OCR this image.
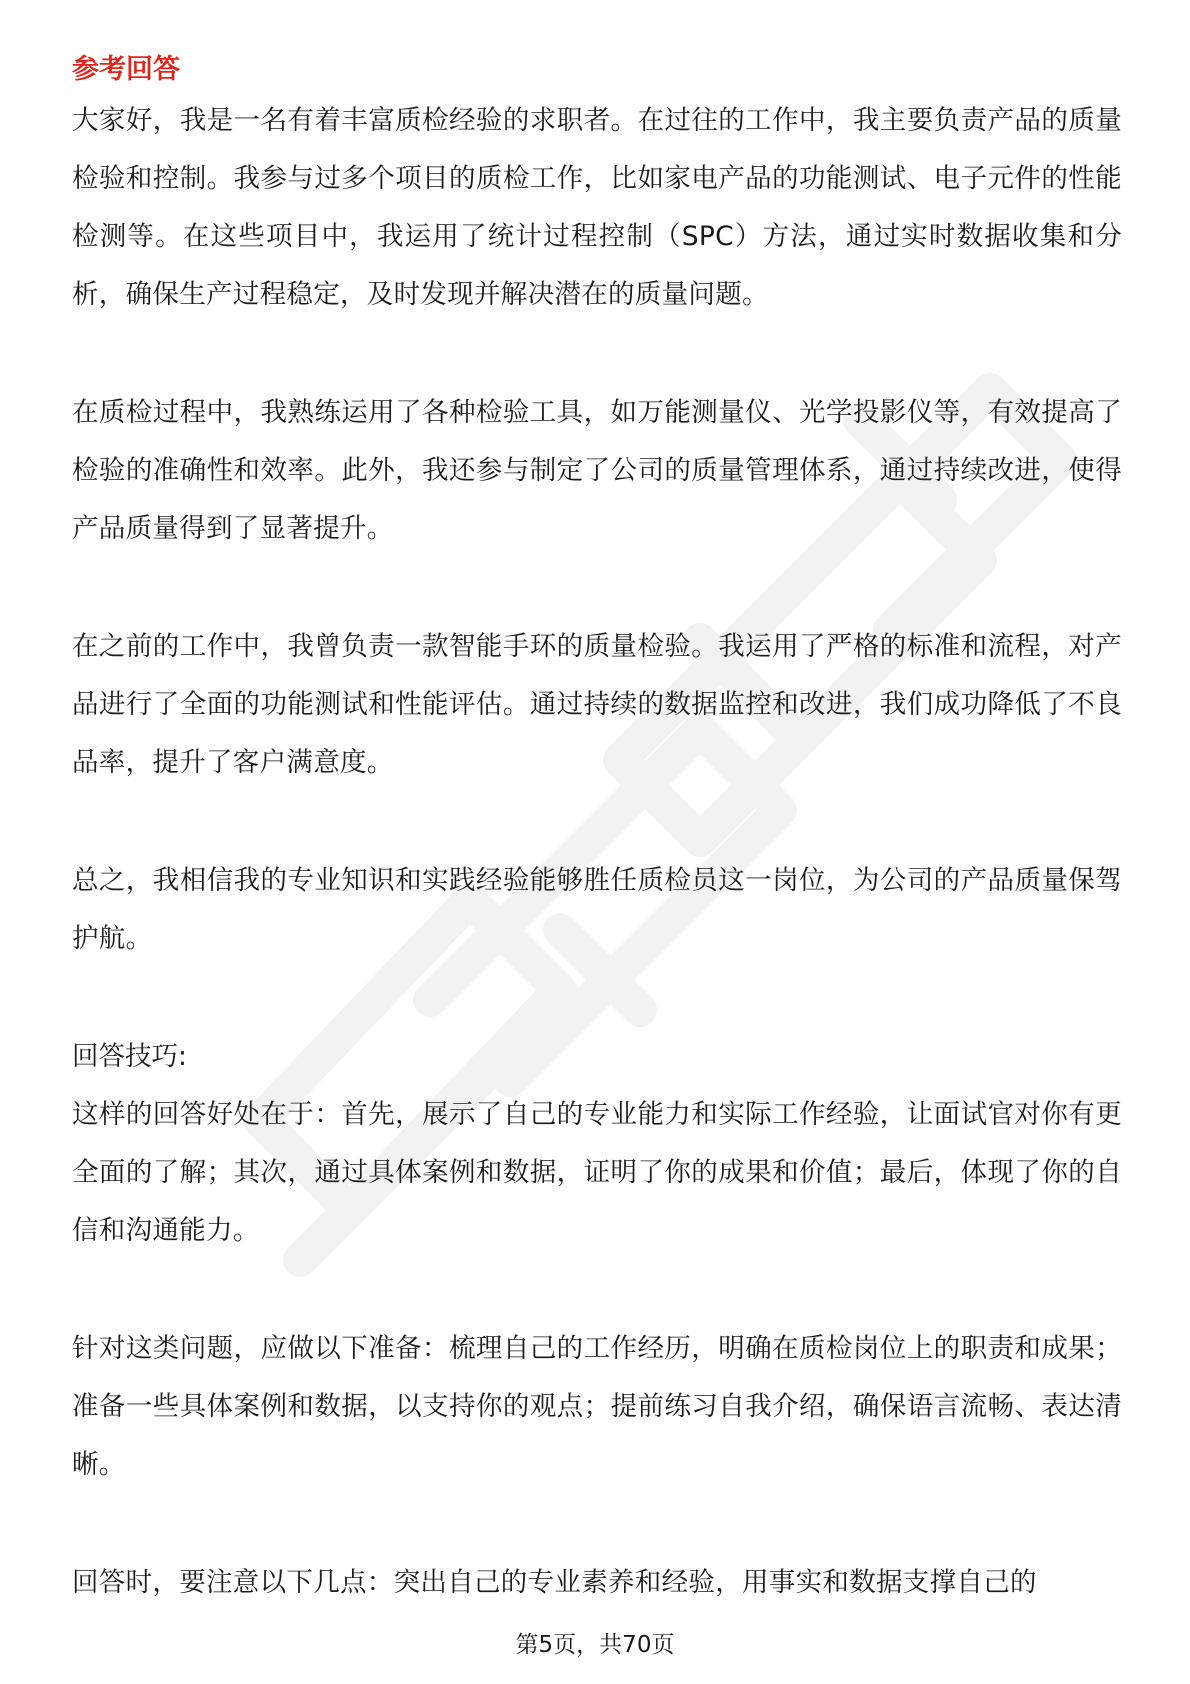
参考回答

大家好，我是一名有着丰富质检经验的求职者。在过往的工作中，我主要负责产品的质量检验和控制。我参与过多个项目的质检工作，比如家电产品的功能测试、电子元件的性能检测等。在这些项目中，我运用了统计过程控制（SPC）方法，通过实时数据收集和分析，确保生产过程稳定，及时发现并解决潜在的质量问题。

在质检过程中，我熟练运用了各种检验工具，如万能测量仪、光学投影仪等，有效提高了检验的准确性和效率。此外，我还参与制定了公司的质量管理体系，通过持续改进，使得产品质量得到了显著提升。

在之前的工作中，我曾负责一款智能手环的质量检验。我运用了严格的标准和流程，对产品进行了全面的功能测试和性能评估。通过持续的数据监控和改进，我们成功降低了不良品率，提升了客户满意度。

总之，我相信我的专业知识和实践经验能够胜任质检员这一岗位，为公司的产品质量保驾护航。

回答技巧:

这样的回答好处在于：首先，展示了自己的专业能力和实际工作经验，让面试官对你有更全面的了解；其次，通过具体案例和数据，证明了你的成果和价值；最后，体现了你的自信和沟通能力。

针对这类问题，应做以下准备：梳理自己的工作经历，明确在质检岗位上的职责和成果；准备一些具体案例和数据，以支持你的观点；提前练习自我介绍，确保语言流畅、表达清晰。

回答时，要注意以下几点：突出自己的专业素养和经验，用事实和数据支撑自己的

第5页，共70页
